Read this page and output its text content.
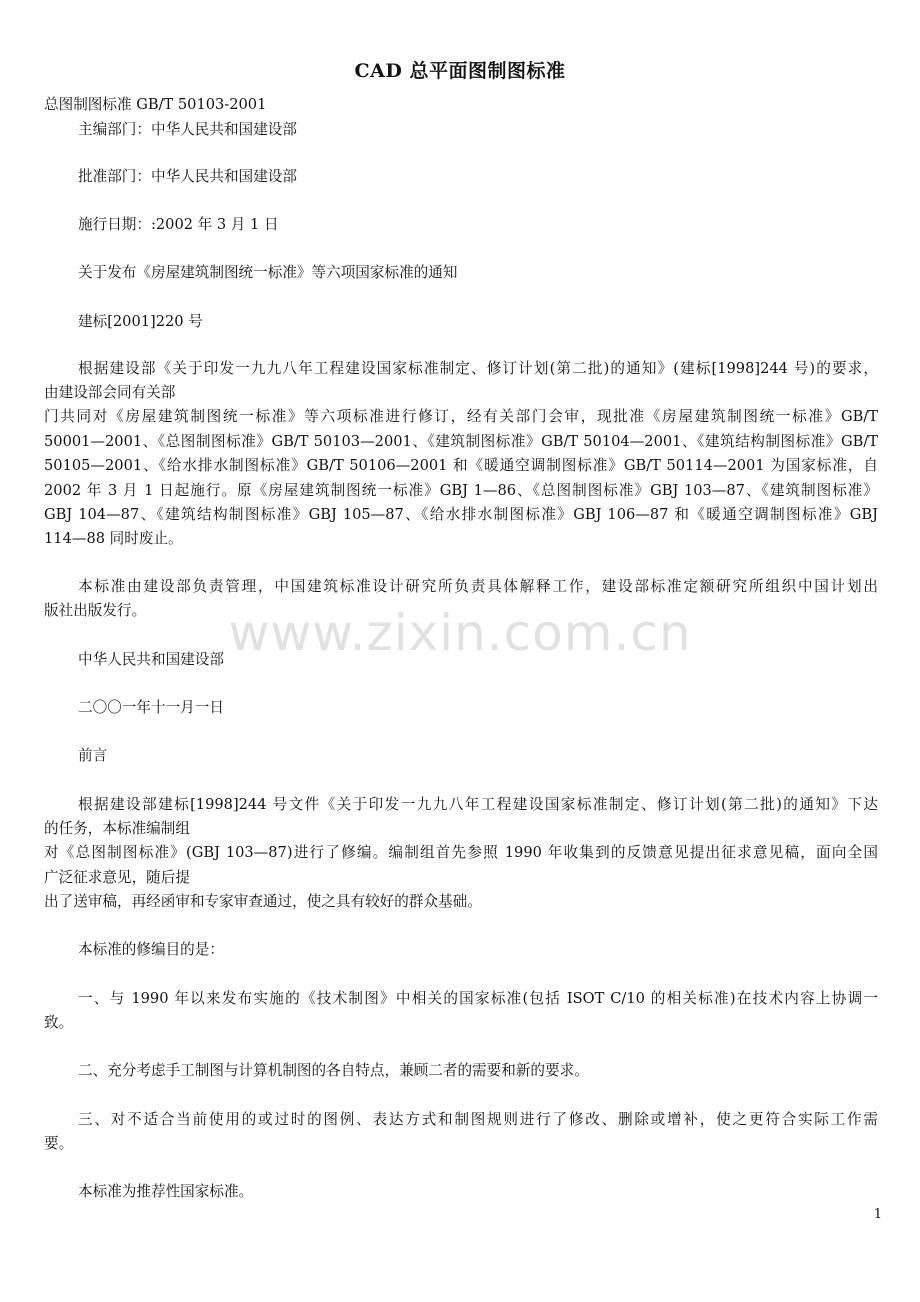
CAD 总平面图制图标准
总图制图标准 GB/T 50103-2001
主编部门：中华人民共和国建设部
批准部门：中华人民共和国建设部
施行日期：:2002 年 3 月 1 日
关于发布《房屋建筑制图统一标准》等六项国家标准的通知
建标[2001]220 号
根据建设部《关于印发一九九八年工程建设国家标准制定、修订计划(第二批)的通知》(建标[1998]244 号)的要求，
由建设部会同有关部
门共同对《房屋建筑制图统一标准》等六项标准进行修订，经有关部门会审，现批准《房屋建筑制图统一标准》GB/T
50001—2001、《总图制图标准》GB/T 50103—2001、《建筑制图标准》GB/T 50104—2001、《建筑结构制图标准》GB/T
50105—2001、《给水排水制图标准》GB/T 50106—2001 和《暖通空调制图标准》GB/T 50114—2001 为国家标准，自
2002 年 3 月 1 日起施行。原《房屋建筑制图统一标准》GBJ 1—86、《总图制图标准》GBJ 103—87、《建筑制图标准》
GBJ 104—87、《建筑结构制图标准》GBJ 105—87、《给水排水制图标准》GBJ 106—87 和《暖通空调制图标准》GBJ
114—88 同时废止。
本标准由建设部负责管理，中国建筑标准设计研究所负责具体解释工作，建设部标准定额研究所组织中国计划出
版社出版发行。
中华人民共和国建设部
二〇〇一年十一月一日
前言
根据建设部建标[1998]244 号文件《关于印发一九九八年工程建设国家标准制定、修订计划(第二批)的通知》下达
的任务，本标准编制组
对《总图制图标准》(GBJ 103—87)进行了修编。编制组首先参照 1990 年收集到的反馈意见提出征求意见稿，面向全国
广泛征求意见，随后提
出了送审稿，再经函审和专家审查通过，使之具有较好的群众基础。
本标准的修编目的是：
一、与 1990 年以来发布实施的《技术制图》中相关的国家标准(包括 ISOT C/10 的相关标准)在技术内容上协调一
致。
二、充分考虑手工制图与计算机制图的各自特点，兼顾二者的需要和新的要求。
三、对不适合当前使用的或过时的图例、表达方式和制图规则进行了修改、删除或增补，使之更符合实际工作需
要。
本标准为推荐性国家标准。
www.zixin.com.cn
1
